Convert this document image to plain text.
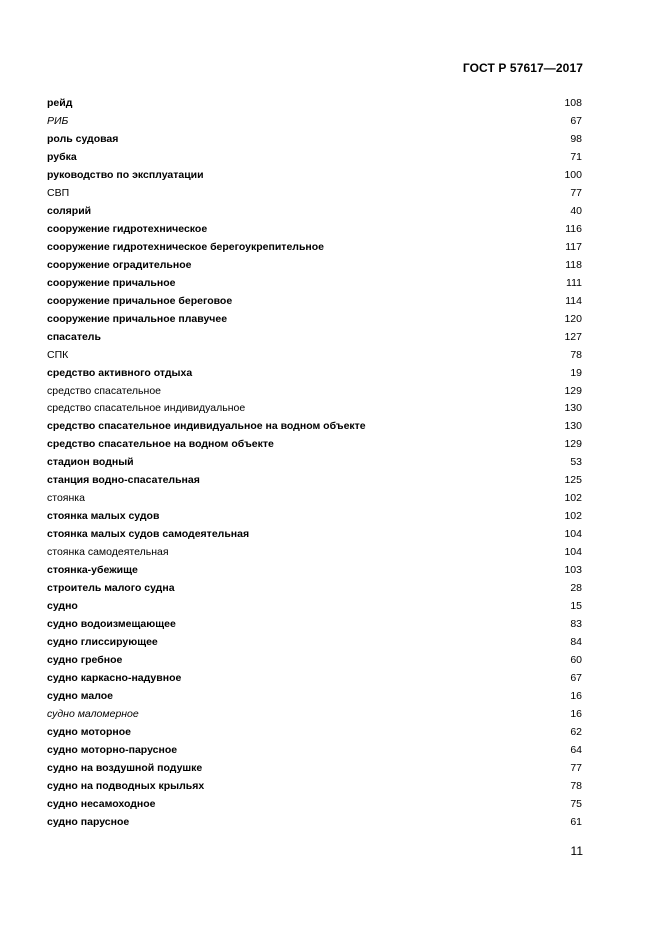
ГОСТ Р 57617—2017
рейд	108
РИБ	67
роль судовая	98
рубка	71
руководство по эксплуатации	100
СВП	77
солярий	40
сооружение гидротехническое	116
сооружение гидротехническое берегоукрепительное	117
сооружение оградительное	118
сооружение причальное	111
сооружение причальное береговое	114
сооружение причальное плавучее	120
спасатель	127
СПК	78
средство активного отдыха	19
средство спасательное	129
средство спасательное индивидуальное	130
средство спасательное индивидуальное на водном объекте	130
средство спасательное на водном объекте	129
стадион водный	53
станция водно-спасательная	125
стоянка	102
стоянка малых судов	102
стоянка малых судов самодеятельная	104
стоянка самодеятельная	104
стоянка-убежище	103
строитель малого судна	28
судно	15
судно водоизмещающее	83
судно глиссирующее	84
судно гребное	60
судно каркасно-надувное	67
судно малое	16
судно маломерное	16
судно моторное	62
судно моторно-парусное	64
судно на воздушной подушке	77
судно на подводных крыльях	78
судно несамоходное	75
судно парусное	61
11
